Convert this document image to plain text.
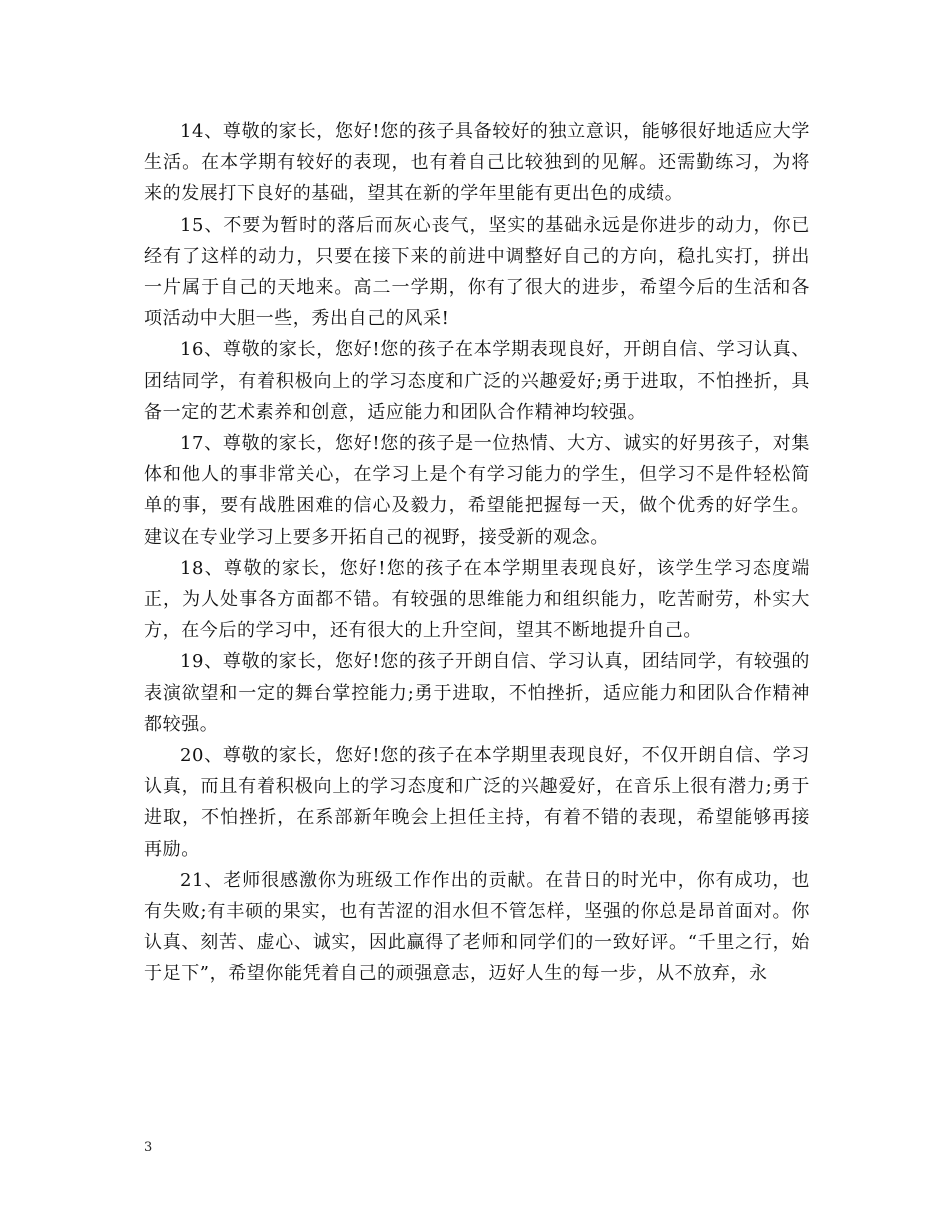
14、尊敬的家长，您好!您的孩子具备较好的独立意识，能够很好地适应大学生活。在本学期有较好的表现，也有着自己比较独到的见解。还需勤练习，为将来的发展打下良好的基础，望其在新的学年里能有更出色的成绩。

15、不要为暂时的落后而灰心丧气，坚实的基础永远是你进步的动力，你已经有了这样的动力，只要在接下来的前进中调整好自己的方向，稳扎实打，拼出一片属于自己的天地来。高二一学期，你有了很大的进步，希望今后的生活和各项活动中大胆一些，秀出自己的风采!

16、尊敬的家长，您好!您的孩子在本学期表现良好，开朗自信、学习认真、团结同学，有着积极向上的学习态度和广泛的兴趣爱好;勇于进取，不怕挫折，具备一定的艺术素养和创意，适应能力和团队合作精神均较强。

17、尊敬的家长，您好!您的孩子是一位热情、大方、诚实的好男孩子，对集体和他人的事非常关心，在学习上是个有学习能力的学生，但学习不是件轻松简单的事，要有战胜困难的信心及毅力，希望能把握每一天，做个优秀的好学生。建议在专业学习上要多开拓自己的视野，接受新的观念。

18、尊敬的家长，您好!您的孩子在本学期里表现良好，该学生学习态度端正，为人处事各方面都不错。有较强的思维能力和组织能力，吃苦耐劳，朴实大方，在今后的学习中，还有很大的上升空间，望其不断地提升自己。

19、尊敬的家长，您好!您的孩子开朗自信、学习认真，团结同学，有较强的表演欲望和一定的舞台掌控能力;勇于进取，不怕挫折，适应能力和团队合作精神都较强。

20、尊敬的家长，您好!您的孩子在本学期里表现良好，不仅开朗自信、学习认真，而且有着积极向上的学习态度和广泛的兴趣爱好，在音乐上很有潜力;勇于进取，不怕挫折，在系部新年晚会上担任主持，有着不错的表现，希望能够再接再励。

21、老师很感激你为班级工作作出的贡献。在昔日的时光中，你有成功，也有失败;有丰硕的果实，也有苦涩的泪水但不管怎样，坚强的你总是昂首面对。你认真、刻苦、虚心、诚实，因此赢得了老师和同学们的一致好评。“千里之行，始于足下”，希望你能凭着自己的顽强意志，迈好人生的每一步，从不放弃，永

3
